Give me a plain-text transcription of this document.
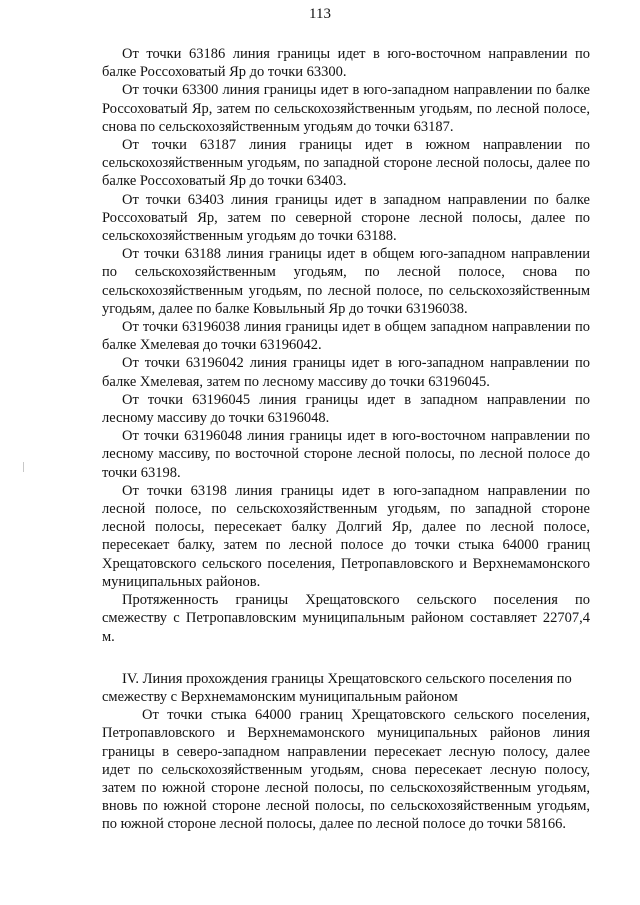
113

От точки 63186 линия границы идет в юго-восточном направлении по балке Россоховатый Яр до точки 63300.

От точки 63300 линия границы идет в юго-западном направлении по балке Россоховатый Яр, затем по сельскохозяйственным угодьям, по лесной полосе, снова по сельскохозяйственным угодьям до точки 63187.

От точки 63187 линия границы идет в южном направлении по сельскохозяйственным угодьям, по западной стороне лесной полосы, далее по балке Россоховатый Яр до точки 63403.

От точки 63403 линия границы идет в западном направлении по балке Россоховатый Яр, затем по северной стороне лесной полосы, далее по сельскохозяйственным угодьям до точки 63188.

От точки 63188 линия границы идет в общем юго-западном направлении по сельскохозяйственным угодьям, по лесной полосе, снова по сельскохозяйственным угодьям, по лесной полосе, по сельскохозяйственным угодьям, далее по балке Ковыльный Яр до точки 63196038.

От точки 63196038 линия границы идет в общем западном направлении по балке Хмелевая до точки 63196042.

От точки 63196042 линия границы идет в юго-западном направлении по балке Хмелевая, затем по лесному массиву до точки 63196045.

От точки 63196045 линия границы идет в западном направлении по лесному массиву до точки 63196048.

От точки 63196048 линия границы идет в юго-восточном направлении по лесному массиву, по восточной стороне лесной полосы, по лесной полосе до точки 63198.

От точки 63198 линия границы идет в юго-западном направлении по лесной полосе, по сельскохозяйственным угодьям, по западной стороне лесной полосы, пересекает балку Долгий Яр, далее по лесной полосе, пересекает балку, затем по лесной полосе до точки стыка 64000 границ Хрещатовского сельского поселения, Петропавловского и Верхнемамонского муниципальных районов.

Протяженность границы Хрещатовского сельского поселения по смежеству с Петропавловским муниципальным районом составляет 22707,4 м.

IV. Линия прохождения границы Хрещатовского сельского поселения по смежеству с Верхнемамонским муниципальным районом

От точки стыка 64000 границ Хрещатовского сельского поселения, Петропавловского и Верхнемамонского муниципальных районов линия границы в северо-западном направлении пересекает лесную полосу, далее идет по сельскохозяйственным угодьям, снова пересекает лесную полосу, затем по южной стороне лесной полосы, по сельскохозяйственным угодьям, вновь по южной стороне лесной полосы, по сельскохозяйственным угодьям, по южной стороне лесной полосы, далее по лесной полосе до точки 58166.
